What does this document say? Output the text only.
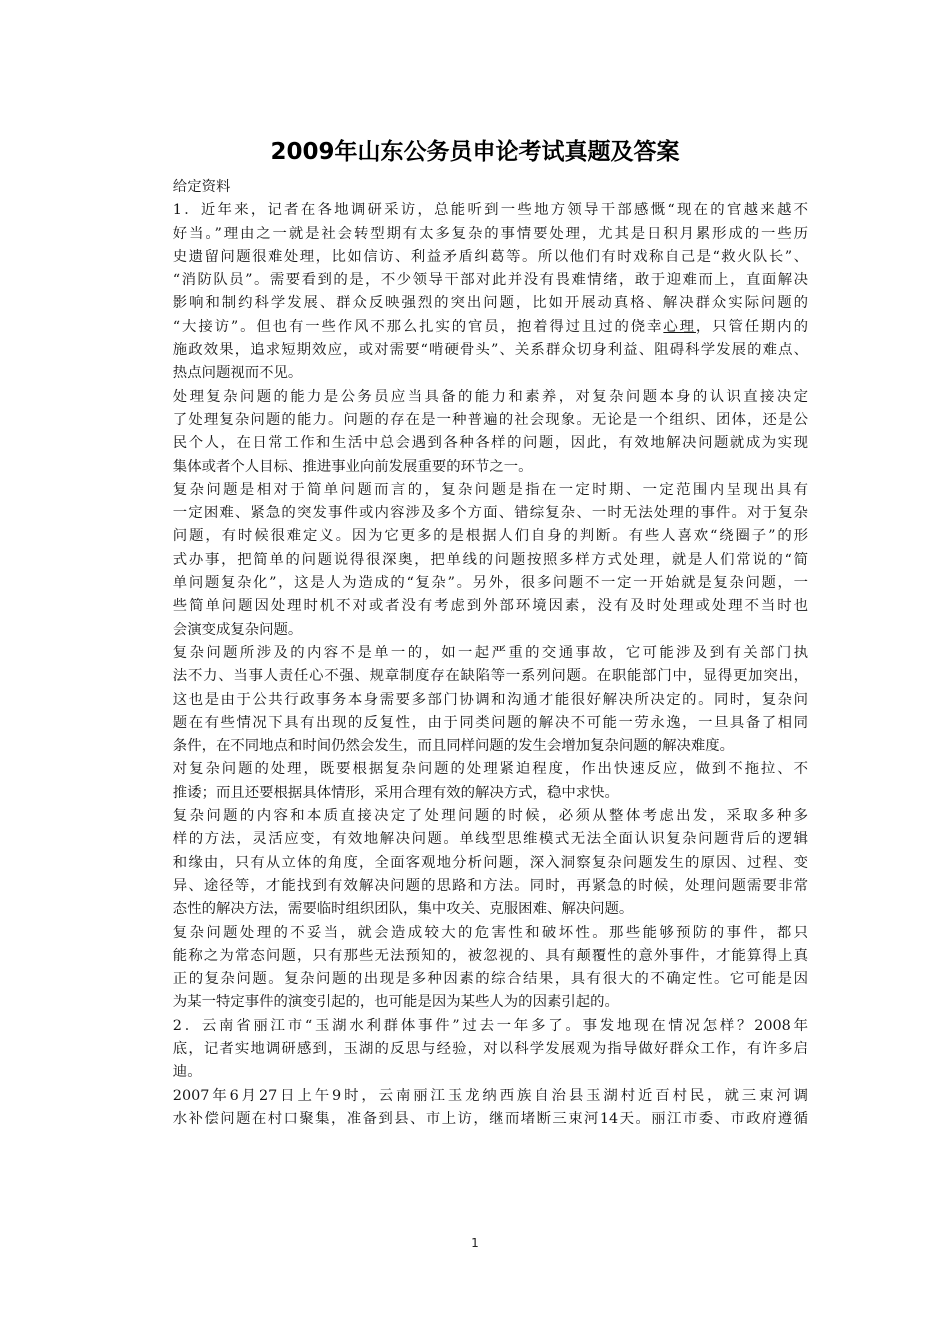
2009年山东公务员申论考试真题及答案

给定资料

1．近年来，记者在各地调研采访，总能听到一些地方领导干部感慨“现在的官越来越不
好当。”理由之一就是社会转型期有太多复杂的事情要处理，尤其是日积月累形成的一些历
史遗留问题很难处理，比如信访、利益矛盾纠葛等。所以他们有时戏称自己是“救火队长”、
“消防队员”。需要看到的是，不少领导干部对此并没有畏难情绪，敢于迎难而上，直面解决
影响和制约科学发展、群众反映强烈的突出问题，比如开展动真格、解决群众实际问题的
“大接访”。但也有一些作风不那么扎实的官员，抱着得过且过的侥幸心理，只管任期内的
施政效果，追求短期效应，或对需要“啃硬骨头”、关系群众切身利益、阻碍科学发展的难点、
热点问题视而不见。

处理复杂问题的能力是公务员应当具备的能力和素养，对复杂问题本身的认识直接决定
了处理复杂问题的能力。问题的存在是一种普遍的社会现象。无论是一个组织、团体，还是公
民个人，在日常工作和生活中总会遇到各种各样的问题，因此，有效地解决问题就成为实现
集体或者个人目标、推进事业向前发展重要的环节之一。

复杂问题是相对于简单问题而言的，复杂问题是指在一定时期、一定范围内呈现出具有
一定困难、紧急的突发事件或内容涉及多个方面、错综复杂、一时无法处理的事件。对于复杂
问题，有时候很难定义。因为它更多的是根据人们自身的判断。有些人喜欢“绕圈子”的形
式办事，把简单的问题说得很深奥，把单线的问题按照多样方式处理，就是人们常说的“简
单问题复杂化”，这是人为造成的“复杂”。另外，很多问题不一定一开始就是复杂问题，一
些简单问题因处理时机不对或者没有考虑到外部环境因素，没有及时处理或处理不当时也
会演变成复杂问题。

复杂问题所涉及的内容不是单一的，如一起严重的交通事故，它可能涉及到有关部门执
法不力、当事人责任心不强、规章制度存在缺陷等一系列问题。在职能部门中，显得更加突出，
这也是由于公共行政事务本身需要多部门协调和沟通才能很好解决所决定的。同时，复杂问
题在有些情况下具有出现的反复性，由于同类问题的解决不可能一劳永逸，一旦具备了相同
条件，在不同地点和时间仍然会发生，而且同样问题的发生会增加复杂问题的解决难度。

对复杂问题的处理，既要根据复杂问题的处理紧迫程度，作出快速反应，做到不拖拉、不
推诿；而且还要根据具体情形，采用合理有效的解决方式，稳中求快。

复杂问题的内容和本质直接决定了处理问题的时候，必须从整体考虑出发，采取多种多
样的方法，灵活应变，有效地解决问题。单线型思维模式无法全面认识复杂问题背后的逻辑
和缘由，只有从立体的角度，全面客观地分析问题，深入洞察复杂问题发生的原因、过程、变
异、途径等，才能找到有效解决问题的思路和方法。同时，再紧急的时候，处理问题需要非常
态性的解决方法，需要临时组织团队，集中攻关、克服困难、解决问题。

复杂问题处理的不妥当，就会造成较大的危害性和破坏性。那些能够预防的事件，都只
能称之为常态问题，只有那些无法预知的，被忽视的、具有颠覆性的意外事件，才能算得上真
正的复杂问题。复杂问题的出现是多种因素的综合结果，具有很大的不确定性。它可能是因
为某一特定事件的演变引起的，也可能是因为某些人为的因素引起的。

2．云南省丽江市“玉湖水利群体事件”过去一年多了。事发地现在情况怎样？2008年
底，记者实地调研感到，玉湖的反思与经验，对以科学发展观为指导做好群众工作，有许多启
迪。

2007年6月27日上午9时，云南丽江玉龙纳西族自治县玉湖村近百村民，就三束河调
水补偿问题在村口聚集，准备到县、市上访，继而堵断三束河14天。丽江市委、市政府遵循

1
